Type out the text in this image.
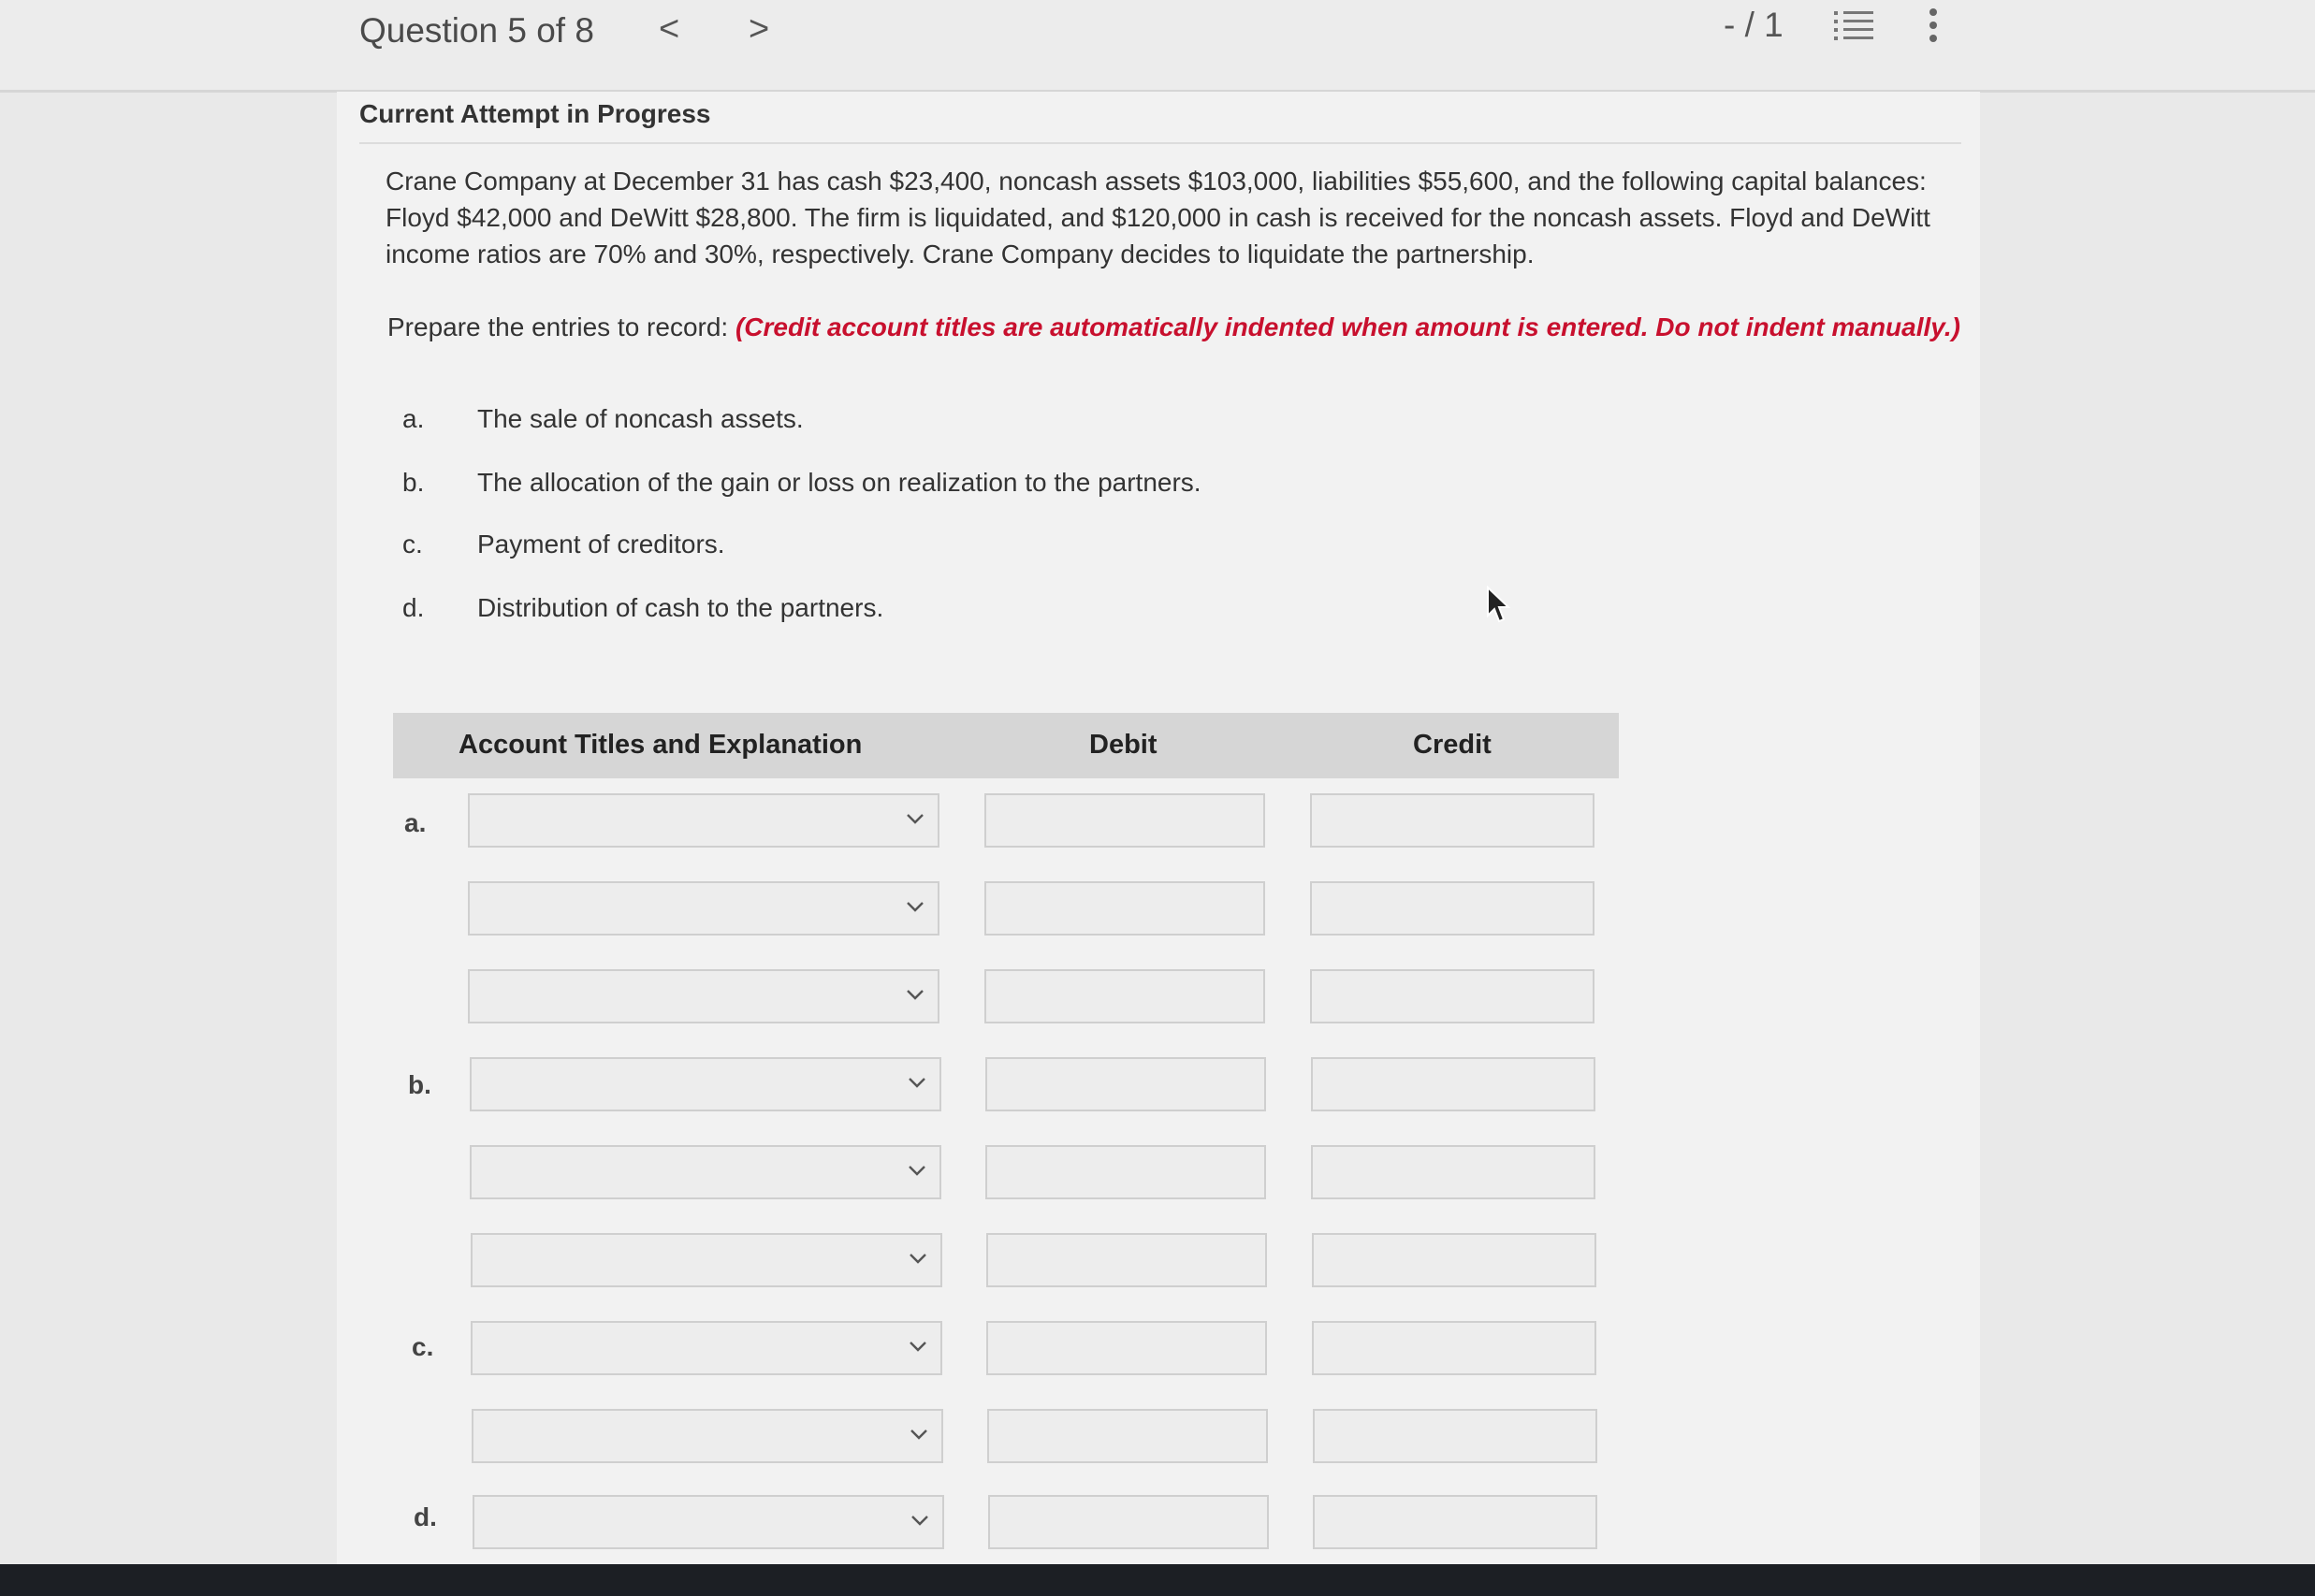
Question 5 of 8 < >	- / 1
Current Attempt in Progress
Crane Company at December 31 has cash $23,400, noncash assets $103,000, liabilities $55,600, and the following capital balances: Floyd $42,000 and DeWitt $28,800. The firm is liquidated, and $120,000 in cash is received for the noncash assets. Floyd and DeWitt income ratios are 70% and 30%, respectively. Crane Company decides to liquidate the partnership.
Prepare the entries to record: (Credit account titles are automatically indented when amount is entered. Do not indent manually.)
a. The sale of noncash assets.
b. The allocation of the gain or loss on realization to the partners.
c. Payment of creditors.
d. Distribution of cash to the partners.
Account Titles and Explanation	Debit	Credit
a.
b.
c.
d.
